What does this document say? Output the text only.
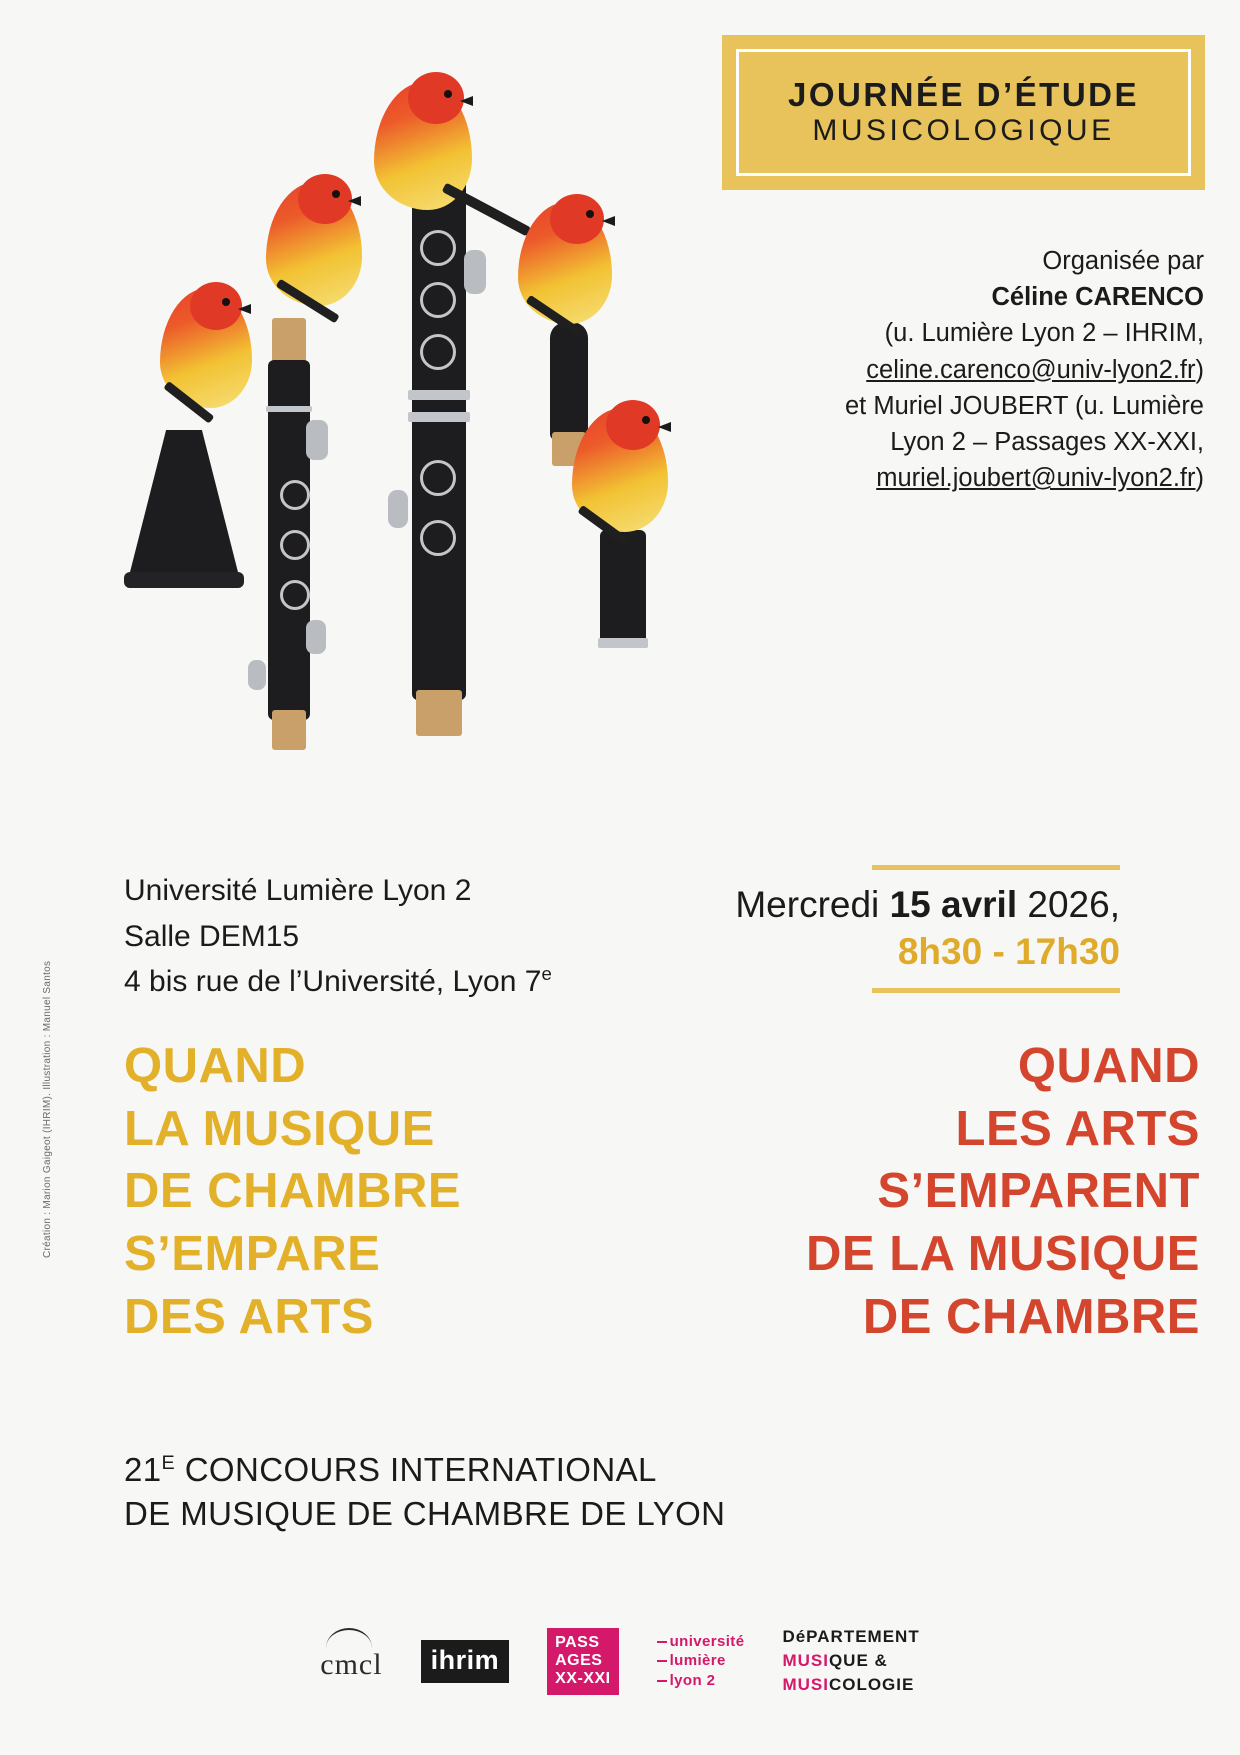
JOURNÉE D’ÉTUDE
MUSICOLOGIQUE
Organisée par
Céline CARENCO
(u. Lumière Lyon 2 – IHRIM,
celine.carenco@univ-lyon2.fr)
et Muriel JOUBERT (u. Lumière
Lyon 2 – Passages XX-XXI,
muriel.joubert@univ-lyon2.fr)
Université Lumière Lyon 2
Salle DEM15
4 bis rue de l’Université, Lyon 7e
Mercredi 15 avril 2026,
8h30 - 17h30
QUAND
LA MUSIQUE
DE CHAMBRE
S’EMPARE
DES ARTS
QUAND
LES ARTS
S’EMPARENT
DE LA MUSIQUE
DE CHAMBRE
$21^E$ CONCOURS INTERNATIONAL
DE MUSIQUE DE CHAMBRE DE LYON
Création : Marion Gaigeot (IHRIM). Illustration : Manuel Santos
cmcl	ihrim
PASS
AGES
XX-XXI
université
lumière
lyon 2
DéPARTEMENT
MUSIQUE &
MUSICOLOGIE
